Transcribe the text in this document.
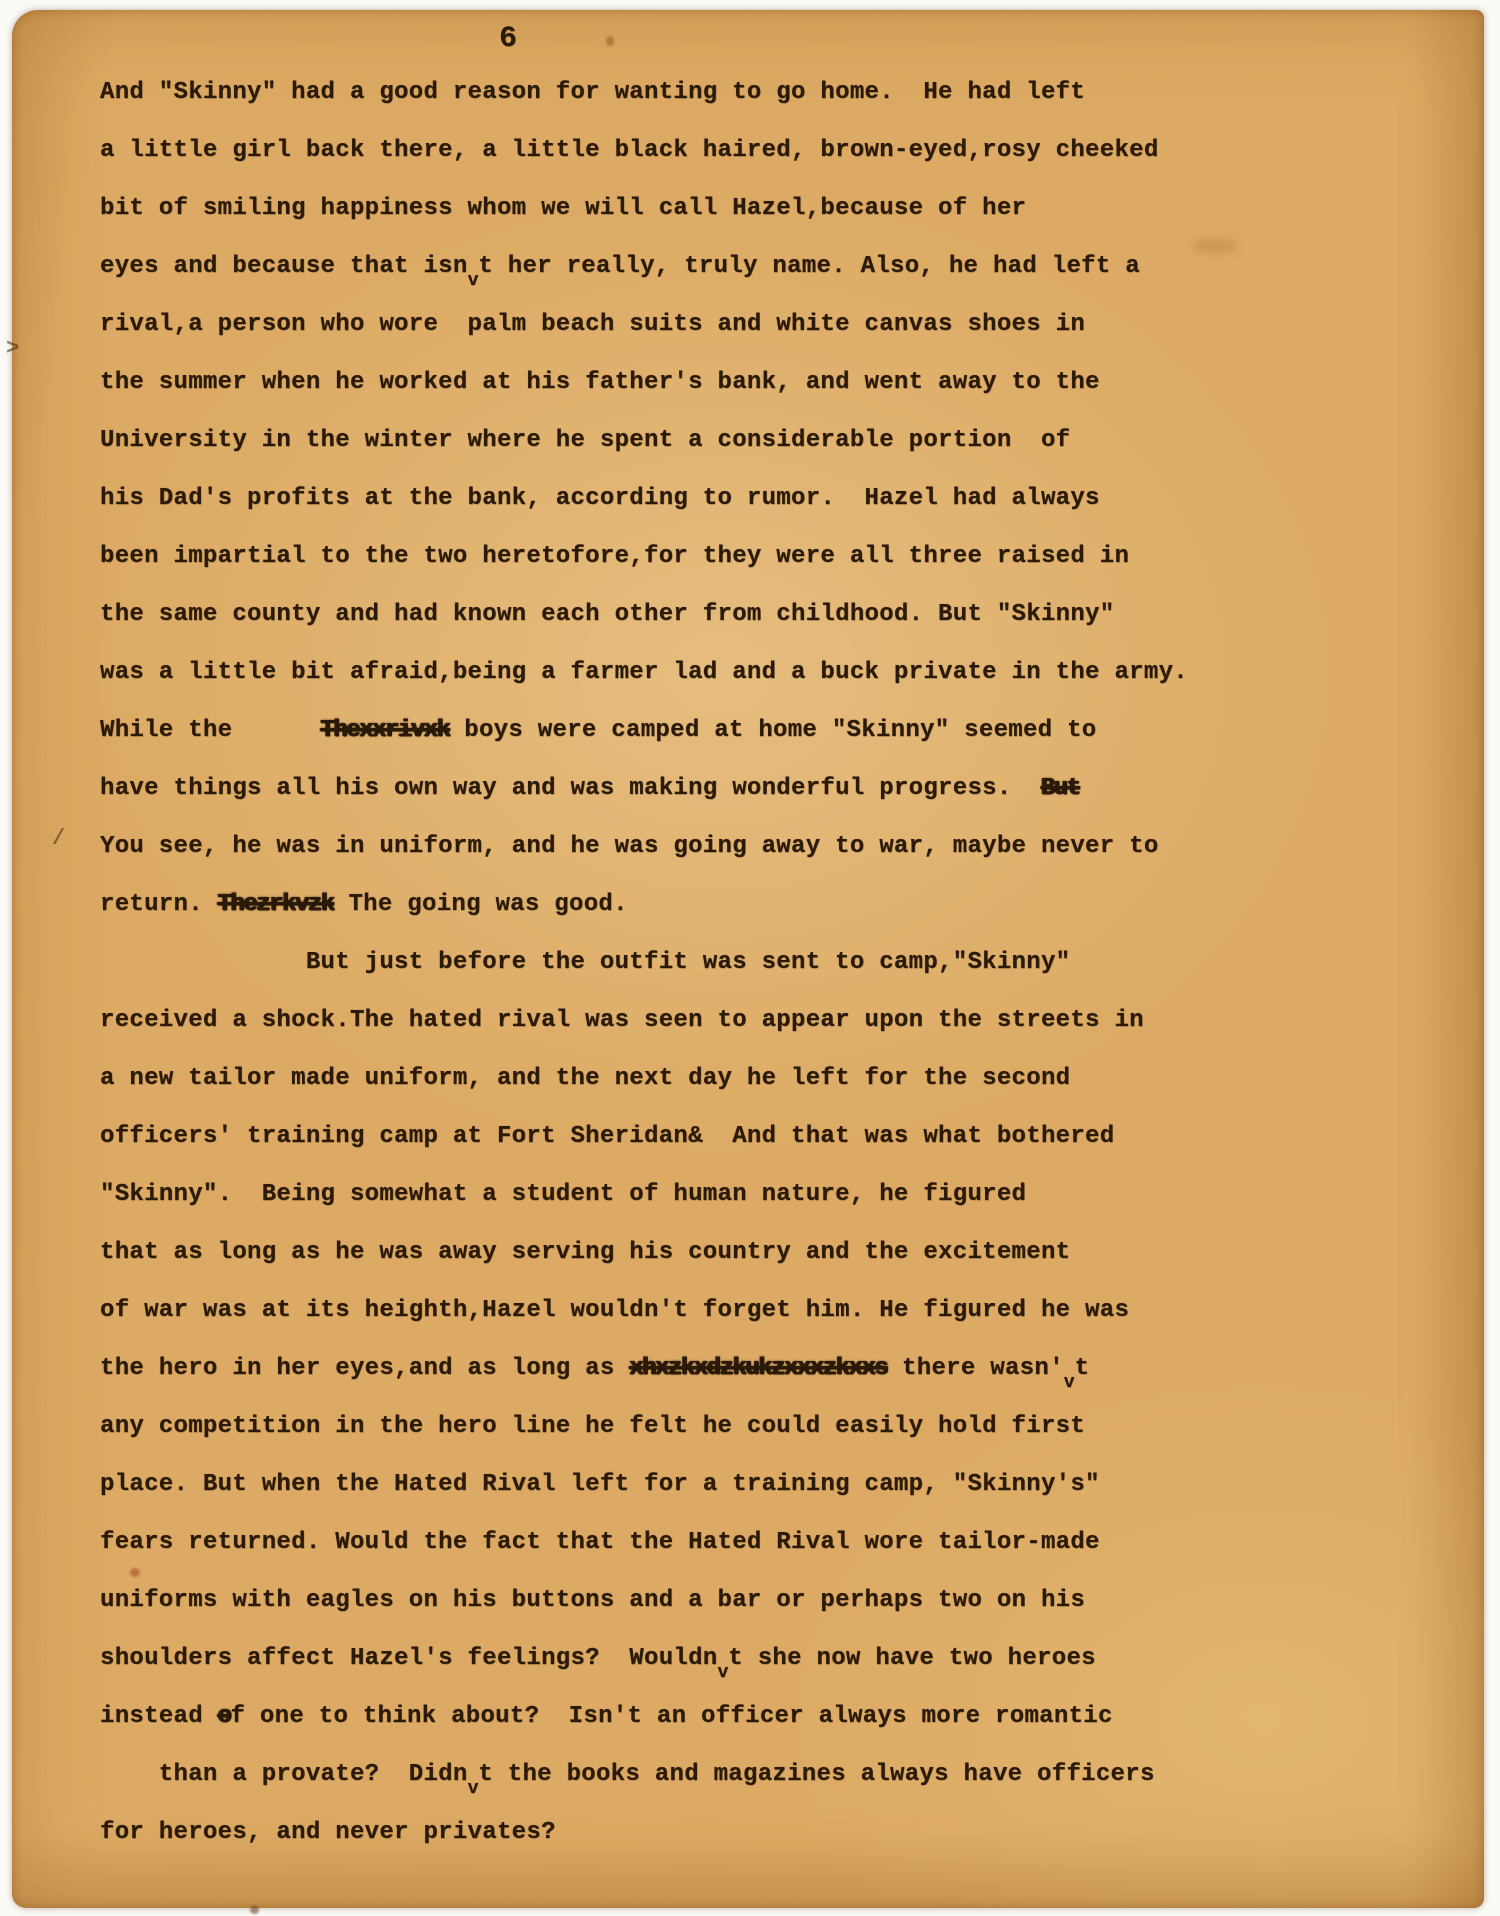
6
And "Skinny" had a good reason for wanting to go home.  He had left
a little girl back there, a little black haired, brown-eyed,rosy cheeked
bit of smiling happiness whom we will call Hazel,because of her
eyes and because that isnvt her really, truly name. Also, he had left a
rival,a person who wore  palm beach suits and white canvas shoes in
the summer when he worked at his father's bank, and went away to the
University in the winter where he spent a considerable portion  of
his Dad's profits at the bank, according to rumor.  Hazel had always
been impartial to the two heretofore,for they were all three raised in
the same county and had known each other from childhood. But "Skinny"
was a little bit afraid,being a farmer lad and a buck private in the army.
While the      Thexxrivxk boys were camped at home "Skinny" seemed to
have things all his own way and was making wonderful progress.  But
You see, he was in uniform, and he was going away to war, maybe never to
return. Thezrkvzk The going was good.
But just before the outfit was sent to camp,"Skinny"
received a shock.The hated rival was seen to appear upon the streets in
a new tailor made uniform, and the next day he left for the second
officers' training camp at Fort Sheridan&  And that was what bothered
"Skinny".  Being somewhat a student of human nature, he figured
that as long as he was away serving his country and the excitement
of war was at its heighth,Hazel wouldn't forget him. He figured he was
the hero in her eyes,and as long as xhxzkxdzkukzxxxzkxxs there wasn'vt
any competition in the hero line he felt he could easily hold first
place. But when the Hated Rival left for a training camp, "Skinny's"
fears returned. Would the fact that the Hated Rival wore tailor-made
uniforms with eagles on his buttons and a bar or perhaps two on his
shoulders affect Hazel's feelings?  Wouldnvt she now have two heroes
instead of one to think about?  Isn't an officer always more romantic
than a provate?  Didnvt the books and magazines always have officers
for heroes, and never privates?
>
/
